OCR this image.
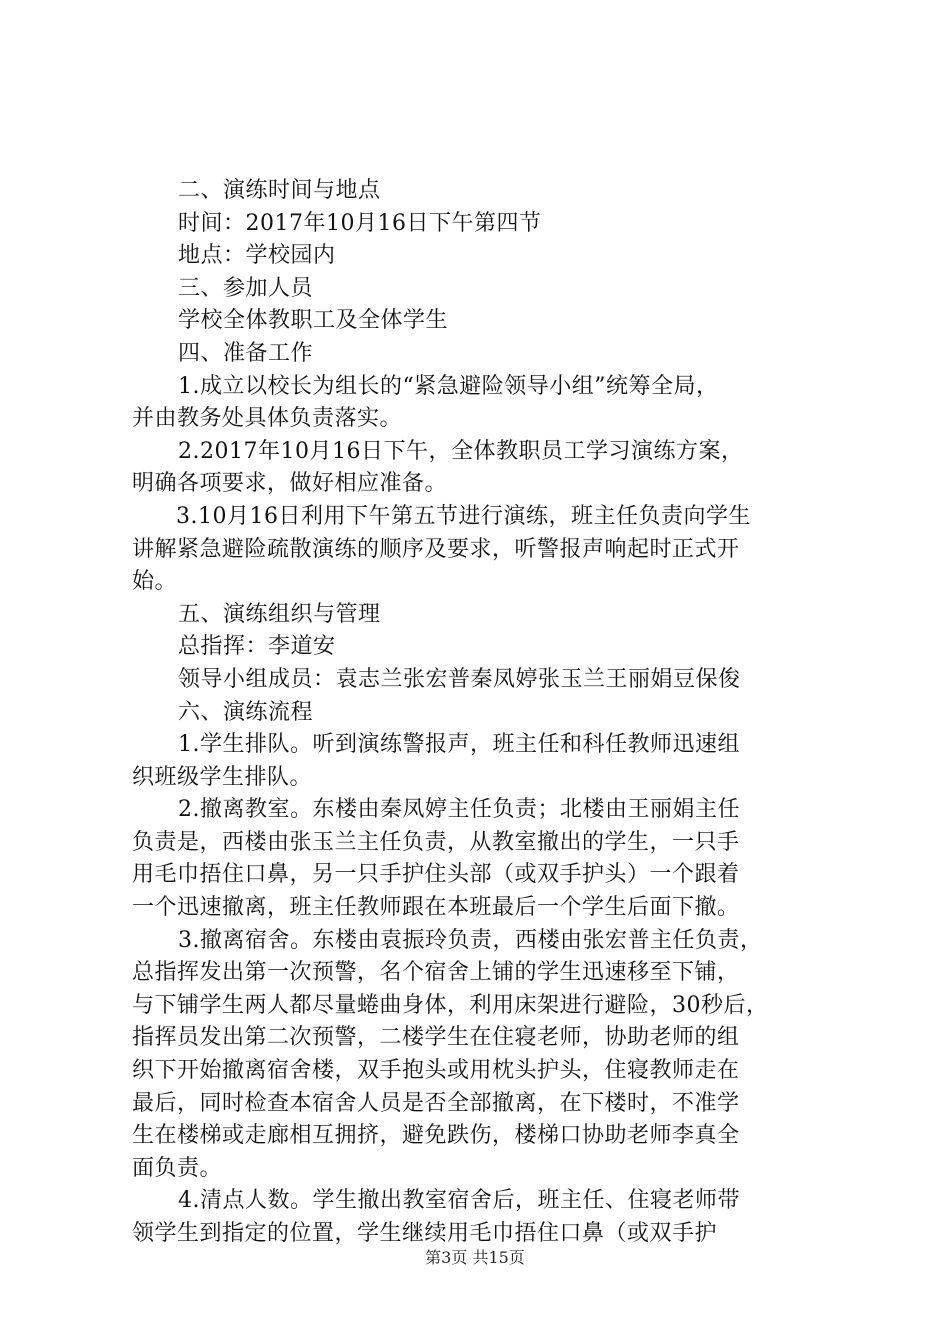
二、演练时间与地点
时间：2017年10月16日下午第四节
地点：学校园内
三、参加人员
学校全体教职工及全体学生
四、准备工作
1.成立以校长为组长的“紧急避险领导小组”统筹全局，
并由教务处具体负责落实。
2.2017年10月16日下午，全体教职员工学习演练方案，
明确各项要求，做好相应准备。
3.10月16日利用下午第五节进行演练，班主任负责向学生
讲解紧急避险疏散演练的顺序及要求，听警报声响起时正式开
始。
五、演练组织与管理
总指挥：李道安
领导小组成员：袁志兰张宏普秦凤婷张玉兰王丽娟豆保俊
六、演练流程
1.学生排队。听到演练警报声，班主任和科任教师迅速组
织班级学生排队。
2.撤离教室。东楼由秦凤婷主任负责；北楼由王丽娟主任
负责是，西楼由张玉兰主任负责，从教室撤出的学生，一只手
用毛巾捂住口鼻，另一只手护住头部（或双手护头）一个跟着
一个迅速撤离，班主任教师跟在本班最后一个学生后面下撤。
3.撤离宿舍。东楼由袁振玲负责，西楼由张宏普主任负责，
总指挥发出第一次预警，名个宿舍上铺的学生迅速移至下铺，
与下铺学生两人都尽量蜷曲身体，利用床架进行避险，30秒后，
指挥员发出第二次预警，二楼学生在住寝老师，协助老师的组
织下开始撤离宿舍楼，双手抱头或用枕头护头，住寝教师走在
最后，同时检查本宿舍人员是否全部撤离，在下楼时，不准学
生在楼梯或走廊相互拥挤，避免跌伤，楼梯口协助老师李真全
面负责。
4.清点人数。学生撤出教室宿舍后，班主任、住寝老师带
领学生到指定的位置，学生继续用毛巾捂住口鼻（或双手护
第3页 共15页
